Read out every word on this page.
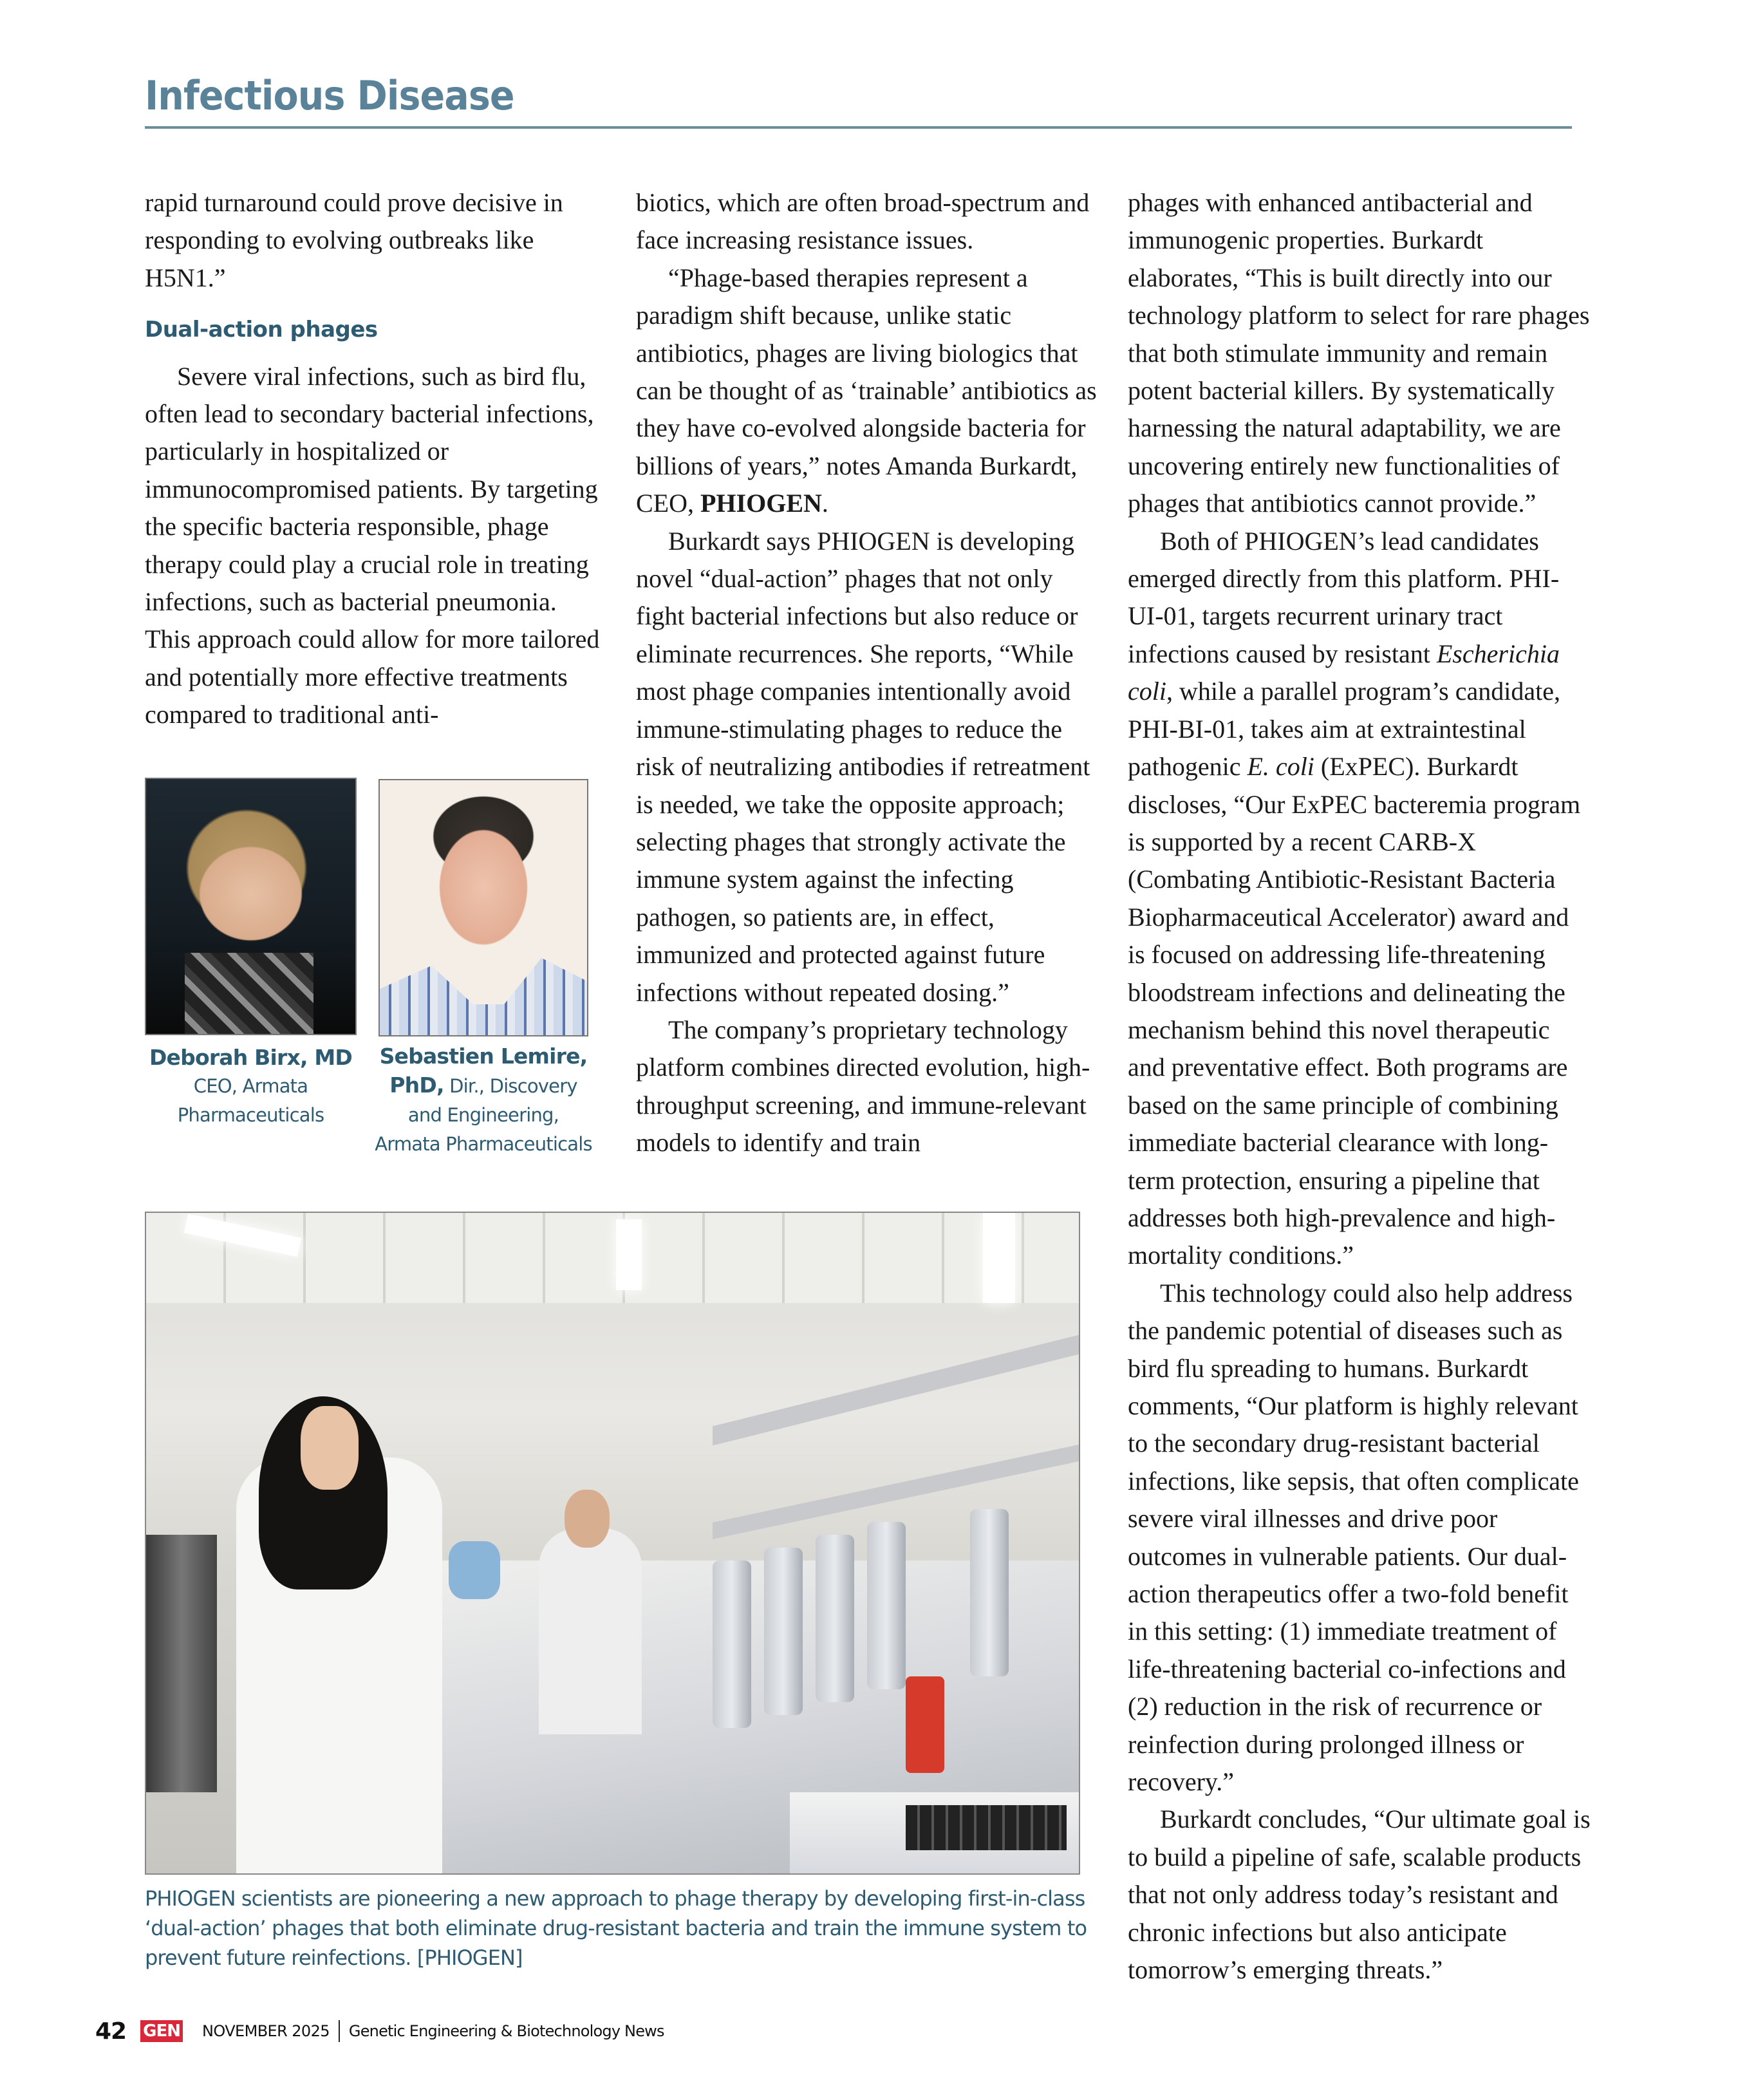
Infectious Disease

rapid turnaround could prove decisive in responding to evolving outbreaks like H5N1.”

Dual-action phages

Severe viral infections, such as bird flu, often lead to secondary bacterial infections, particularly in hospitalized or immunocompromised patients. By targeting the specific bacteria responsible, phage therapy could play a crucial role in treating infections, such as bacterial pneumonia. This approach could allow for more tailored and potentially more effective treatments compared to traditional anti-

Deborah Birx, MD
CEO, Armata
Pharmaceuticals
Sebastien Lemire,
PhD, Dir., Discovery
and Engineering,
Armata Pharmaceuticals

biotics, which are often broad-spectrum and face increasing resistance issues.

“Phage-based therapies represent a paradigm shift because, unlike static antibiotics, phages are living biologics that can be thought of as ‘trainable’ antibiotics as they have co-evolved alongside bacteria for billions of years,” notes Amanda Burkardt, CEO, PHIOGEN.

Burkardt says PHIOGEN is developing novel “dual-action” phages that not only fight bacterial infections but also reduce or eliminate recurrences. She reports, “While most phage companies intentionally avoid immune-stimulating phages to reduce the risk of neutralizing antibodies if retreatment is needed, we take the opposite approach; selecting phages that strongly activate the immune system against the infecting pathogen, so patients are, in effect, immunized and protected against future infections without repeated dosing.”

The company’s proprietary technology platform combines directed evolution, high-throughput screening, and immune-relevant models to identify and train

phages with enhanced antibacterial and immunogenic properties. Burkardt elaborates, “This is built directly into our technology platform to select for rare phages that both stimulate immunity and remain potent bacterial killers. By systematically harnessing the natural adaptability, we are uncovering entirely new functionalities of phages that antibiotics cannot provide.”

Both of PHIOGEN’s lead candidates emerged directly from this platform. PHI-UI-01, targets recurrent urinary tract infections caused by resistant Escherichia coli, while a parallel program’s candidate, PHI-BI-01, takes aim at extraintestinal pathogenic E. coli (ExPEC). Burkardt discloses, “Our ExPEC bacteremia program is supported by a recent CARB-X (Combating Antibiotic-Resistant Bacteria Biopharmaceutical Accelerator) award and is focused on addressing life-threatening bloodstream infections and delineating the mechanism behind this novel therapeutic and preventative effect. Both programs are based on the same principle of combining immediate bacterial clearance with long-term protection, ensuring a pipeline that addresses both high-prevalence and high-mortality conditions.”

This technology could also help address the pandemic potential of diseases such as bird flu spreading to humans. Burkardt comments, “Our platform is highly relevant to the secondary drug-resistant bacterial infections, like sepsis, that often complicate severe viral illnesses and drive poor outcomes in vulnerable patients. Our dual-action therapeutics offer a two-fold benefit in this setting: (1) immediate treatment of life-threatening bacterial co-infections and (2) reduction in the risk of recurrence or reinfection during prolonged illness or recovery.”

Burkardt concludes, “Our ultimate goal is to build a pipeline of safe, scalable products that not only address today’s resistant and chronic infections but also anticipate tomorrow’s emerging threats.”

PHIOGEN scientists are pioneering a new approach to phage therapy by developing first-in-class ‘dual-action’ phages that both eliminate drug-resistant bacteria and train the immune system to prevent future reinfections. [PHIOGEN]
42 GEN NOVEMBER 2025 Genetic Engineering & Biotechnology News
